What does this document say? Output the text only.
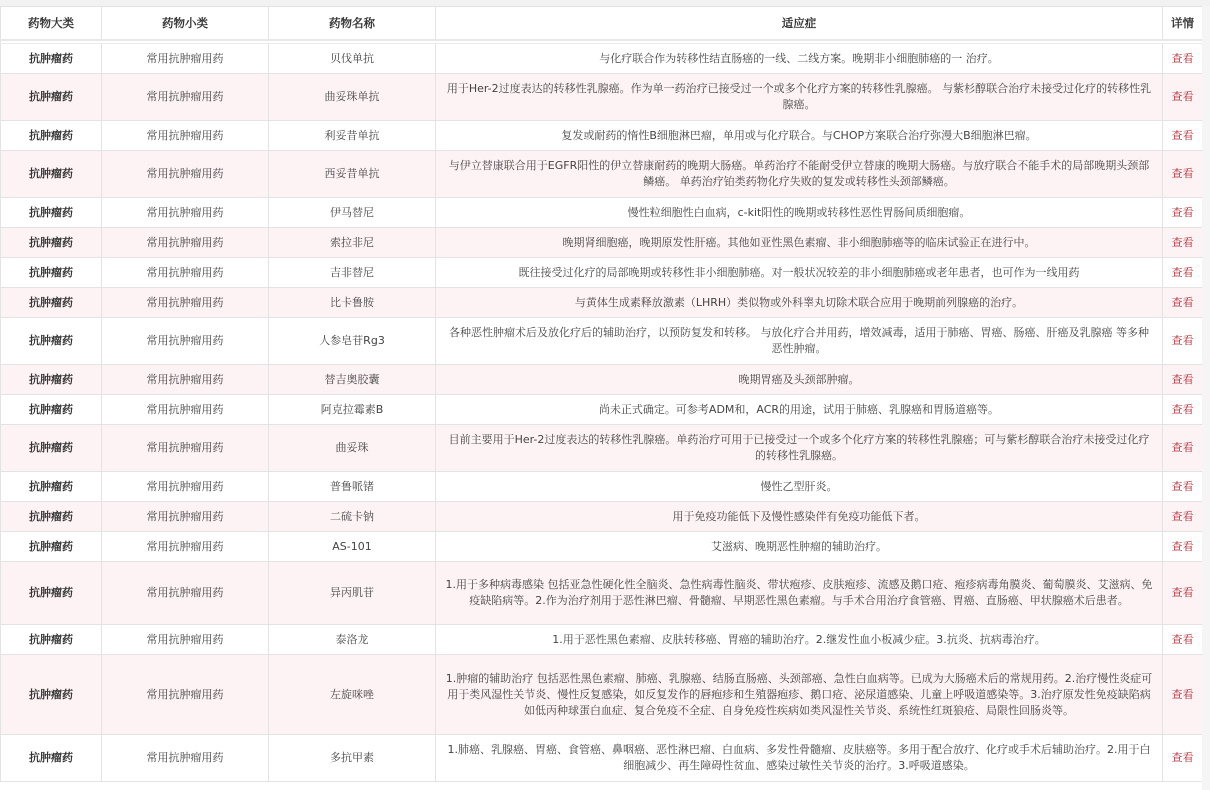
药物大类	药物小类	药物名称	适应症	详情

抗肿瘤药	常用抗肿瘤用药	贝伐单抗	与化疗联合作为转移性结直肠癌的一线、二线方案。晚期非小细胞肺癌的一 治疗。	查看
抗肿瘤药	常用抗肿瘤用药	曲妥珠单抗	用于Her-2过度表达的转移性乳腺癌。作为单一药治疗已接受过一个或多个化疗方案的转移性乳腺癌。 与紫杉醇联合治疗未接受过化疗的转移性乳腺癌。	查看
抗肿瘤药	常用抗肿瘤用药	利妥昔单抗	复发或耐药的惰性B细胞淋巴瘤，单用或与化疗联合。与CHOP方案联合治疗弥漫大B细胞淋巴瘤。	查看
抗肿瘤药	常用抗肿瘤用药	西妥昔单抗	与伊立替康联合用于EGFR阳性的伊立替康耐药的晚期大肠癌。单药治疗不能耐受伊立替康的晚期大肠癌。与放疗联合不能手术的局部晚期头颈部鳞癌。 单药治疗铂类药物化疗失败的复发或转移性头颈部鳞癌。	查看
抗肿瘤药	常用抗肿瘤用药	伊马替尼	慢性粒细胞性白血病，c-kit阳性的晚期或转移性恶性胃肠间质细胞瘤。	查看
抗肿瘤药	常用抗肿瘤用药	索拉非尼	晚期肾细胞癌，晚期原发性肝癌。其他如亚性黑色素瘤、非小细胞肺癌等的临床试验正在进行中。	查看
抗肿瘤药	常用抗肿瘤用药	吉非替尼	既往接受过化疗的局部晚期或转移性非小细胞肺癌。对一般状况较差的非小细胞肺癌或老年患者，也可作为一线用药	查看
抗肿瘤药	常用抗肿瘤用药	比卡鲁胺	与黄体生成素释放激素（LHRH）类似物或外科睾丸切除术联合应用于晚期前列腺癌的治疗。	查看
抗肿瘤药	常用抗肿瘤用药	人参皂苷Rg3	各种恶性肿瘤术后及放化疗后的辅助治疗，以预防复发和转移。 与放化疗合并用药，增效减毒，适用于肺癌、胃癌、肠癌、肝癌及乳腺癌 等多种恶性肿瘤。	查看
抗肿瘤药	常用抗肿瘤用药	替吉奥胶囊	晚期胃癌及头颈部肿瘤。	查看
抗肿瘤药	常用抗肿瘤用药	阿克拉霉素B	尚未正式确定。可参考ADM和，ACR的用途，试用于肺癌、乳腺癌和胃肠道癌等。	查看
抗肿瘤药	常用抗肿瘤用药	曲妥珠	目前主要用于Her-2过度表达的转移性乳腺癌。单药治疗可用于已接受过一个或多个化疗方案的转移性乳腺癌；可与紫杉醇联合治疗未接受过化疗的转移性乳腺癌。	查看
抗肿瘤药	常用抗肿瘤用药	普鲁哌锗	慢性乙型肝炎。	查看
抗肿瘤药	常用抗肿瘤用药	二硫卡钠	用于免疫功能低下及慢性感染伴有免疫功能低下者。	查看
抗肿瘤药	常用抗肿瘤用药	AS-101	艾滋病、晚期恶性肿瘤的辅助治疗。	查看
抗肿瘤药	常用抗肿瘤用药	异丙肌苷	1.用于多种病毒感染 包括亚急性硬化性全脑炎、急性病毒性脑炎、带状疱疹、皮肤疱疹、流感及鹅口疮、疱疹病毒角膜炎、葡萄膜炎、艾滋病、免疫缺陷病等。2.作为治疗剂用于恶性淋巴瘤、骨髓瘤、早期恶性黑色素瘤。与手术合用治疗食管癌、胃癌、直肠癌、甲状腺癌术后患者。	查看
抗肿瘤药	常用抗肿瘤用药	泰洛龙	1.用于恶性黑色素瘤、皮肤转移癌、胃癌的辅助治疗。2.继发性血小板减少症。3.抗炎、抗病毒治疗。	查看
抗肿瘤药	常用抗肿瘤用药	左旋咪唑	1.肿瘤的辅助治疗 包括恶性黑色素瘤、肺癌、乳腺癌、结肠直肠癌、头颈部癌、急性白血病等。已成为大肠癌术后的常规用药。2.治疗慢性炎症可用于类风湿性关节炎、慢性反复感染，如反复发作的唇疱疹和生殖器疱疹、鹅口疮、泌尿道感染、儿童上呼吸道感染等。3.治疗原发性免疫缺陷病如低丙种球蛋白血症、复合免疫不全症、自身免疫性疾病如类风湿性关节炎、系统性红斑狼疮、局限性回肠炎等。	查看
抗肿瘤药	常用抗肿瘤用药	多抗甲素	1.肺癌、乳腺癌、胃癌、食管癌、鼻咽癌、恶性淋巴瘤、白血病、多发性骨髓瘤、皮肤癌等。多用于配合放疗、化疗或手术后辅助治疗。2.用于白细胞减少、再生障碍性贫血、感染过敏性关节炎的治疗。3.呼吸道感染。	查看
